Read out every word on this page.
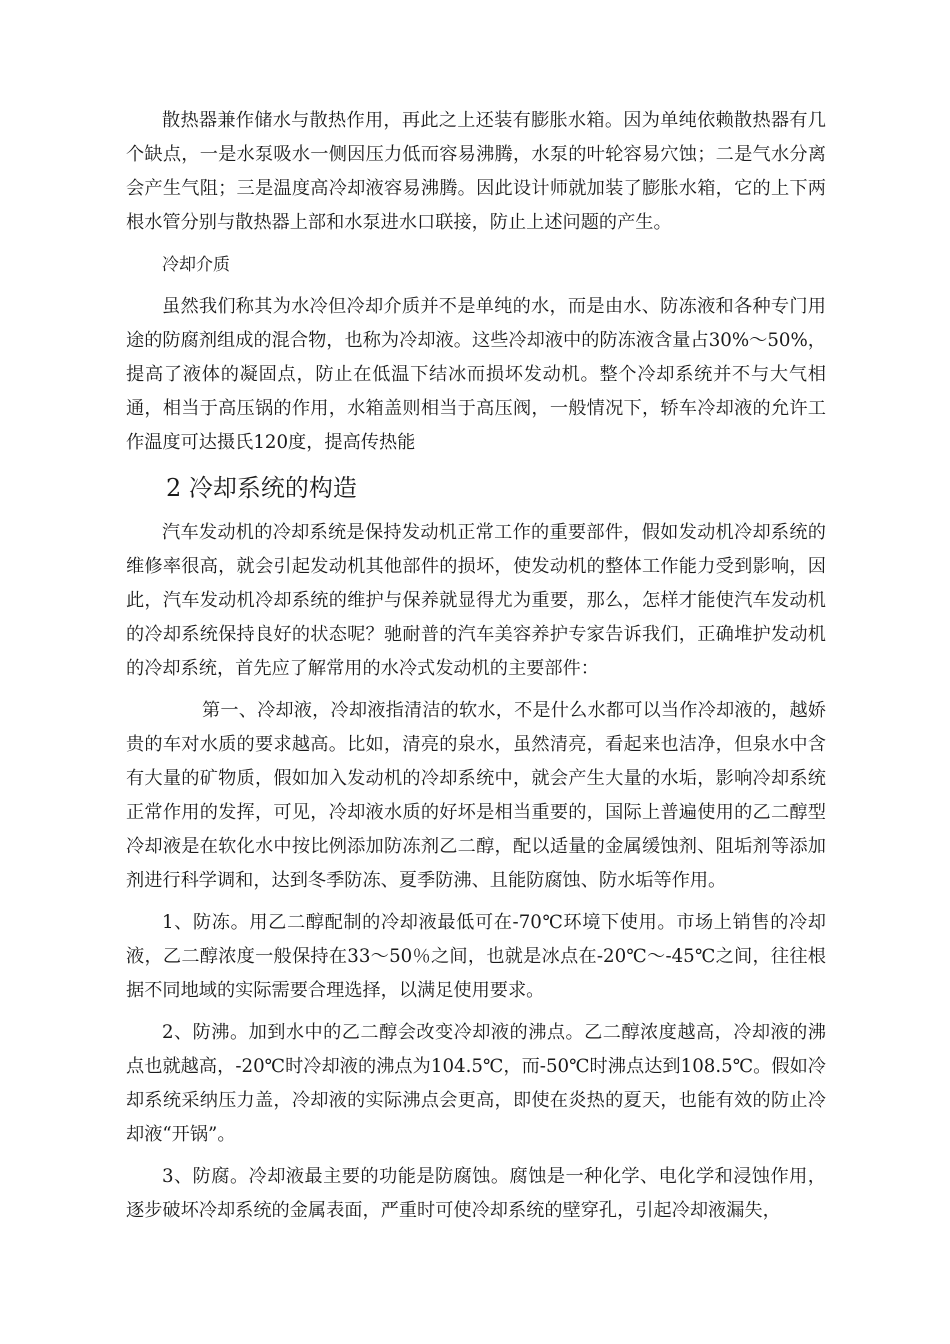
散热器兼作储水与散热作用，再此之上还装有膨胀水箱。因为单纯依赖散热器有几个缺点，一是水泵吸水一侧因压力低而容易沸腾，水泵的叶轮容易穴蚀；二是气水分离会产生气阻；三是温度高冷却液容易沸腾。因此设计师就加装了膨胀水箱，它的上下两根水管分别与散热器上部和水泵进水口联接，防止上述问题的产生。

冷却介质

虽然我们称其为水冷但冷却介质并不是单纯的水，而是由水、防冻液和各种专门用途的防腐剂组成的混合物，也称为冷却液。这些冷却液中的防冻液含量占30%～50%，提高了液体的凝固点，防止在低温下结冰而损坏发动机。整个冷却系统并不与大气相通，相当于高压锅的作用，水箱盖则相当于高压阀，一般情况下，轿车冷却液的允许工作温度可达摄氏120度，提高传热能

2 冷却系统的构造

汽车发动机的冷却系统是保持发动机正常工作的重要部件，假如发动机冷却系统的维修率很高，就会引起发动机其他部件的损坏，使发动机的整体工作能力受到影响，因此，汽车发动机冷却系统的维护与保养就显得尤为重要，那么，怎样才能使汽车发动机的冷却系统保持良好的状态呢？驰耐普的汽车美容养护专家告诉我们，正确堆护发动机的冷却系统，首先应了解常用的水冷式发动机的主要部件：

第一、冷却液，冷却液指清洁的软水，不是什么水都可以当作冷却液的，越娇贵的车对水质的要求越高。比如，清亮的泉水，虽然清亮，看起来也洁净，但泉水中含有大量的矿物质，假如加入发动机的冷却系统中，就会产生大量的水垢，影响冷却系统正常作用的发挥，可见，冷却液水质的好坏是相当重要的，国际上普遍使用的乙二醇型冷却液是在软化水中按比例添加防冻剂乙二醇，配以适量的金属缓蚀剂、阻垢剂等添加剂进行科学调和，达到冬季防冻、夏季防沸、且能防腐蚀、防水垢等作用。

1、防冻。用乙二醇配制的冷却液最低可在-70℃环境下使用。市场上销售的冷却液，乙二醇浓度一般保持在33～50％之间，也就是冰点在-20℃～-45℃之间，往往根据不同地域的实际需要合理选择，以满足使用要求。

2、防沸。加到水中的乙二醇会改变冷却液的沸点。乙二醇浓度越高，冷却液的沸点也就越高，-20℃时冷却液的沸点为104.5℃，而-50℃时沸点达到108.5℃。假如冷却系统采纳压力盖，冷却液的实际沸点会更高，即使在炎热的夏天，也能有效的防止冷却液“开锅”。

3、防腐。冷却液最主要的功能是防腐蚀。腐蚀是一种化学、电化学和浸蚀作用，逐步破坏冷却系统的金属表面，严重时可使冷却系统的壁穿孔，引起冷却液漏失，
